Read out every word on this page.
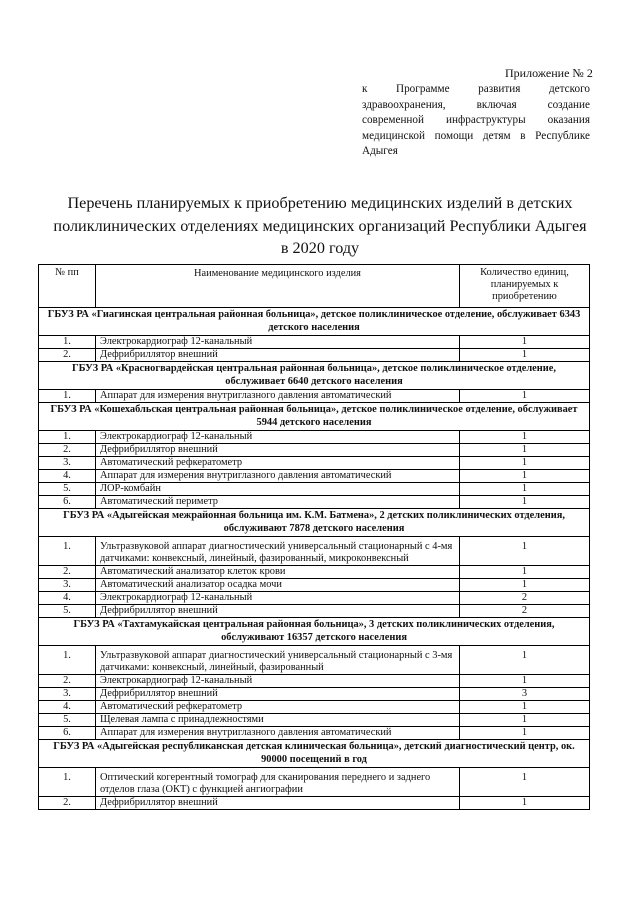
Приложение № 2
к Программе развития детского здравоохранения, включая создание современной инфраструктуры оказания медицинской помощи детям в Республике Адыгея
Перечень планируемых к приобретению медицинских изделий в детских поликлинических отделениях медицинских организаций Республики Адыгея в 2020 году
№ пп	Наименование медицинского изделия	Количество единиц, планируемых к приобретению
ГБУЗ РА «Гиагинская центральная районная больница», детское поликлиническое отделение, обслуживает 6343 детского населения		
1.	Электрокардиограф 12-канальный	1
2.	Дефрибриллятор внешний	1
ГБУЗ РА «Красногвардейская центральная районная больница», детское поликлиническое отделение, обслуживает 6640 детского населения		
1.	Аппарат для измерения внутриглазного давления автоматический	1
ГБУЗ РА «Кошехабльская центральная районная больница», детское поликлиническое отделение, обслуживает 5944 детского населения		
1.	Электрокардиограф 12-канальный	1
2.	Дефрибриллятор внешний	1
3.	Автоматический рефкератометр	1
4.	Аппарат для измерения внутриглазного давления автоматический	1
5.	ЛОР-комбайн	1
6.	Автоматический периметр	1
ГБУЗ РА «Адыгейская межрайонная больница им. К.М. Батмена», 2 детских поликлинических отделения, обслуживают 7878 детского населения		
1.	Ультразвуковой аппарат диагностический универсальный стационарный с 4-мя датчиками: конвексный, линейный, фазированный, микроконвексный	1
2.	Автоматический анализатор клеток крови	1
3.	Автоматический анализатор осадка мочи	1
4.	Электрокардиограф 12-канальный	2
5.	Дефрибриллятор внешний	2
ГБУЗ РА «Тахтамукайская центральная районная больница», 3 детских поликлинических отделения, обслуживают 16357 детского населения		
1.	Ультразвуковой аппарат диагностический универсальный стационарный с 3-мя датчиками: конвексный, линейный, фазированный	1
2.	Электрокардиограф 12-канальный	1
3.	Дефрибриллятор внешний	3
4.	Автоматический рефкератометр	1
5.	Щелевая лампа с принадлежностями	1
6.	Аппарат для измерения внутриглазного давления автоматический	1
ГБУЗ РА «Адыгейская республиканская детская клиническая больница», детский диагностический центр, ок. 90000 посещений в год		
1.	Оптический когерентный томограф для сканирования переднего и заднего отделов глаза (ОКТ) с функцией ангиографии	1
2.	Дефрибриллятор внешний	1
